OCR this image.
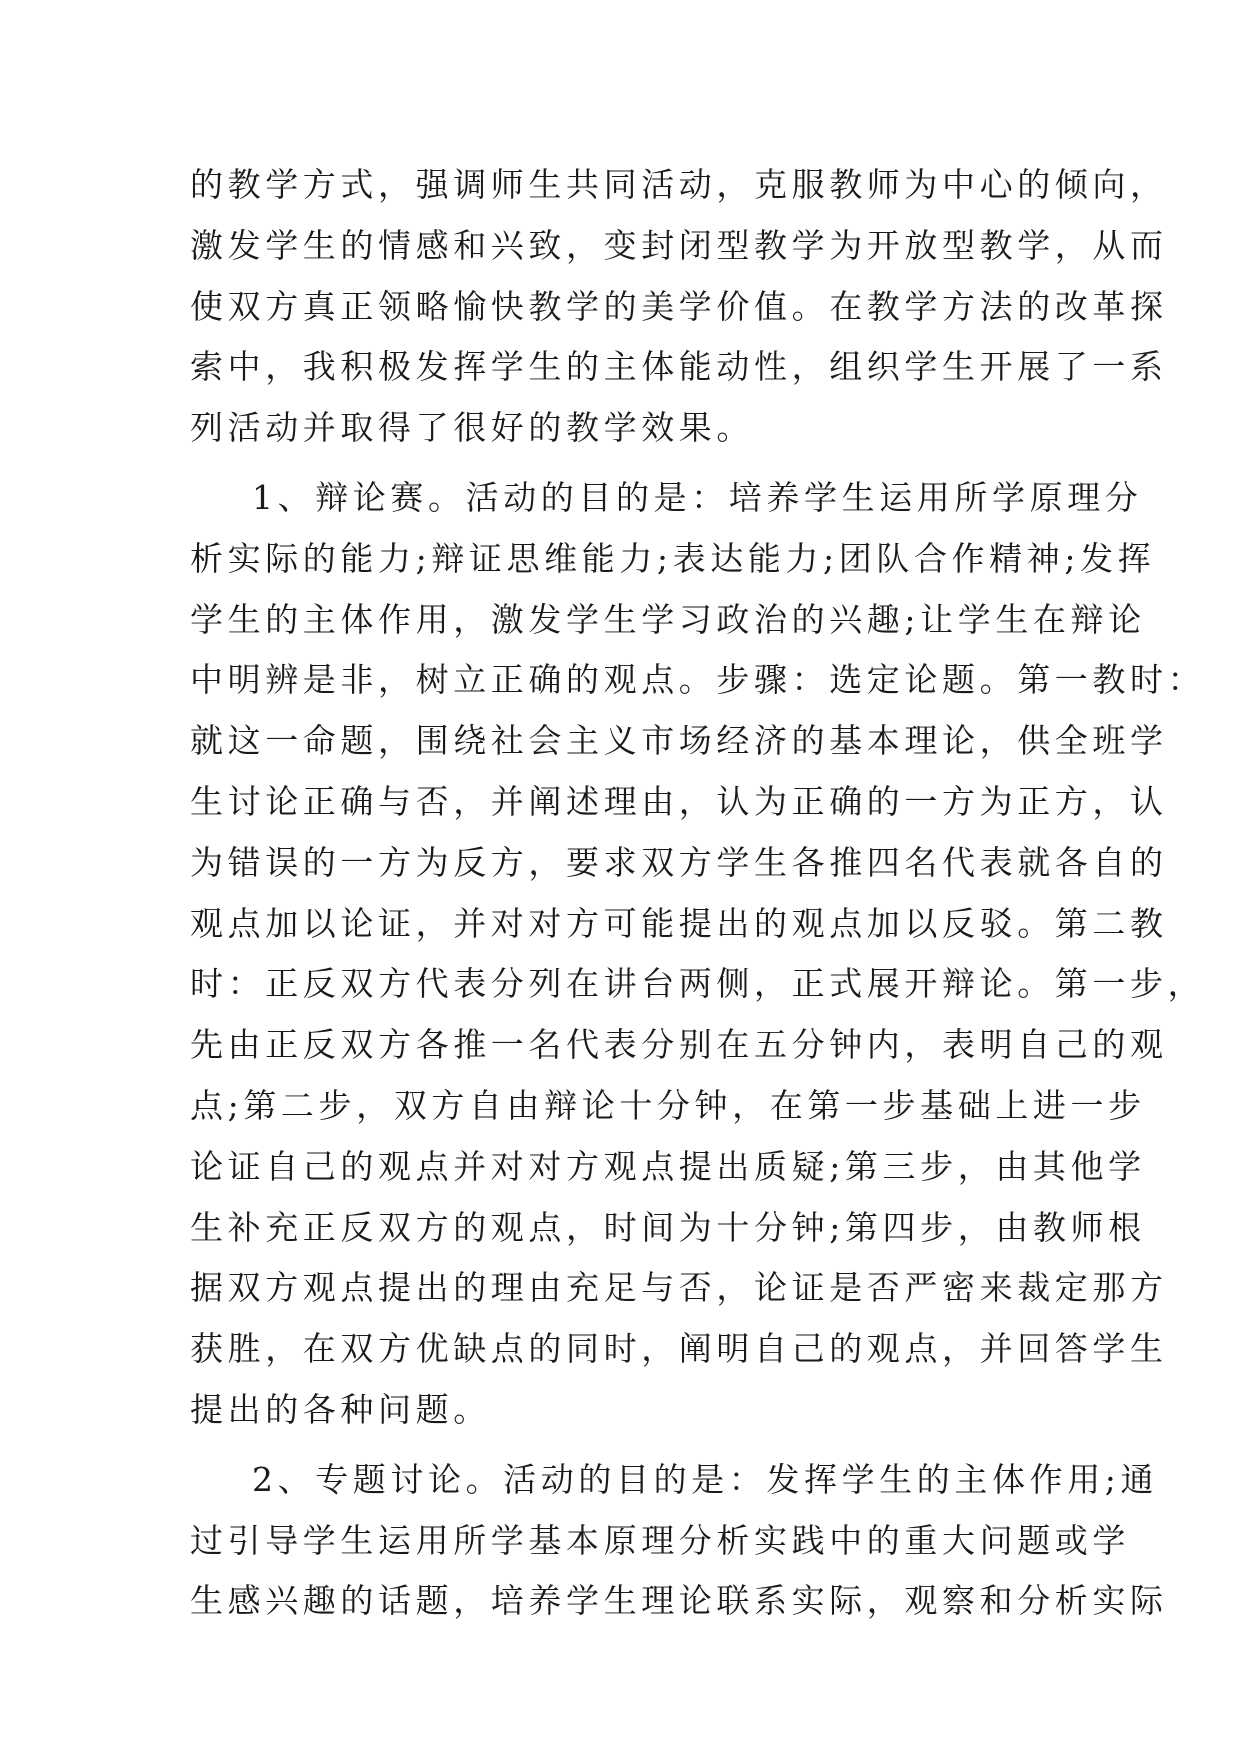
的教学方式，强调师生共同活动，克服教师为中心的倾向，
激发学生的情感和兴致，变封闭型教学为开放型教学，从而
使双方真正领略愉快教学的美学价值。在教学方法的改革探
索中，我积极发挥学生的主体能动性，组织学生开展了一系
列活动并取得了很好的教学效果。
1、辩论赛。活动的目的是：培养学生运用所学原理分
析实际的能力;辩证思维能力;表达能力;团队合作精神;发挥
学生的主体作用，激发学生学习政治的兴趣;让学生在辩论
中明辨是非，树立正确的观点。步骤：选定论题。第一教时：
就这一命题，围绕社会主义市场经济的基本理论，供全班学
生讨论正确与否，并阐述理由，认为正确的一方为正方，认
为错误的一方为反方，要求双方学生各推四名代表就各自的
观点加以论证，并对对方可能提出的观点加以反驳。第二教
时：正反双方代表分列在讲台两侧，正式展开辩论。第一步，
先由正反双方各推一名代表分别在五分钟内，表明自己的观
点;第二步，双方自由辩论十分钟，在第一步基础上进一步
论证自己的观点并对对方观点提出质疑;第三步，由其他学
生补充正反双方的观点，时间为十分钟;第四步，由教师根
据双方观点提出的理由充足与否，论证是否严密来裁定那方
获胜，在双方优缺点的同时，阐明自己的观点，并回答学生
提出的各种问题。
2、专题讨论。活动的目的是：发挥学生的主体作用;通
过引导学生运用所学基本原理分析实践中的重大问题或学
生感兴趣的话题，培养学生理论联系实际，观察和分析实际
